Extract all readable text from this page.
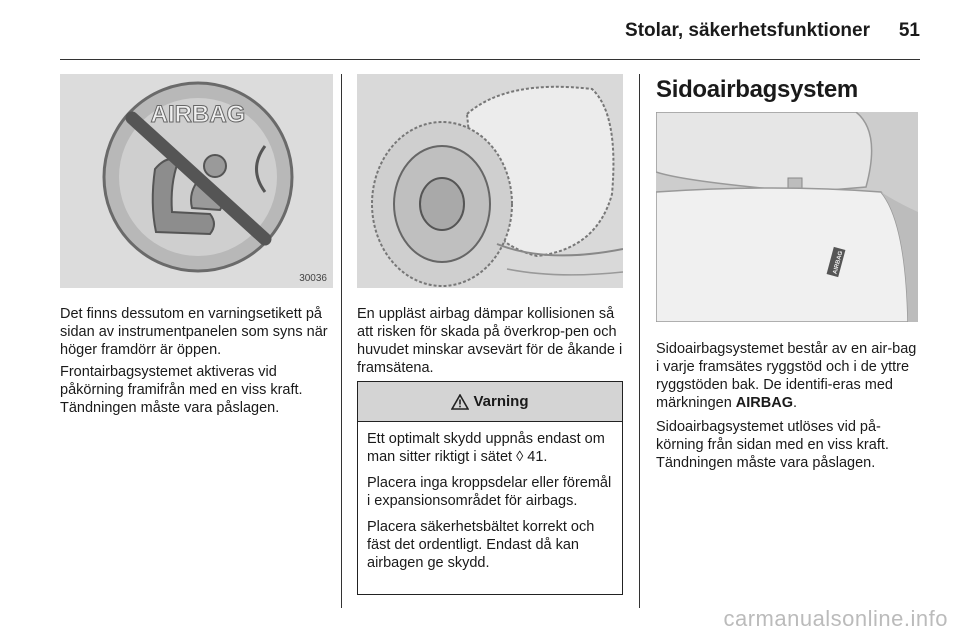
Stolar, säkerhetsfunktioner 51
AIRBAG
30036

Det finns dessutom en varningsetikett på sidan av instrumentpanelen som syns när höger framdörr är öppen.

Frontairbagsystemet aktiveras vid påkörning framifrån med en viss kraft. Tändningen måste vara påslagen.

En uppläst airbag dämpar kollisionen så att risken för skada på överkrop-pen och huvudet minskar avsevärt för de åkande i framsätena.

Varning

Ett optimalt skydd uppnås endast om man sitter riktigt i sätet ◊ 41.

Placera inga kroppsdelar eller föremål i expansionsområdet för airbags.

Placera säkerhetsbältet korrekt och fäst det ordentligt. Endast då kan airbagen ge skydd.

Sidoairbagsystem
AIRBAG

Sidoairbagsystemet består av en air-bag i varje framsätes ryggstöd och i de yttre ryggstöden bak. De identifi-eras med märkningen AIRBAG.

Sidoairbagsystemet utlöses vid på-körning från sidan med en viss kraft. Tändningen måste vara påslagen.

carmanualsonline.info
